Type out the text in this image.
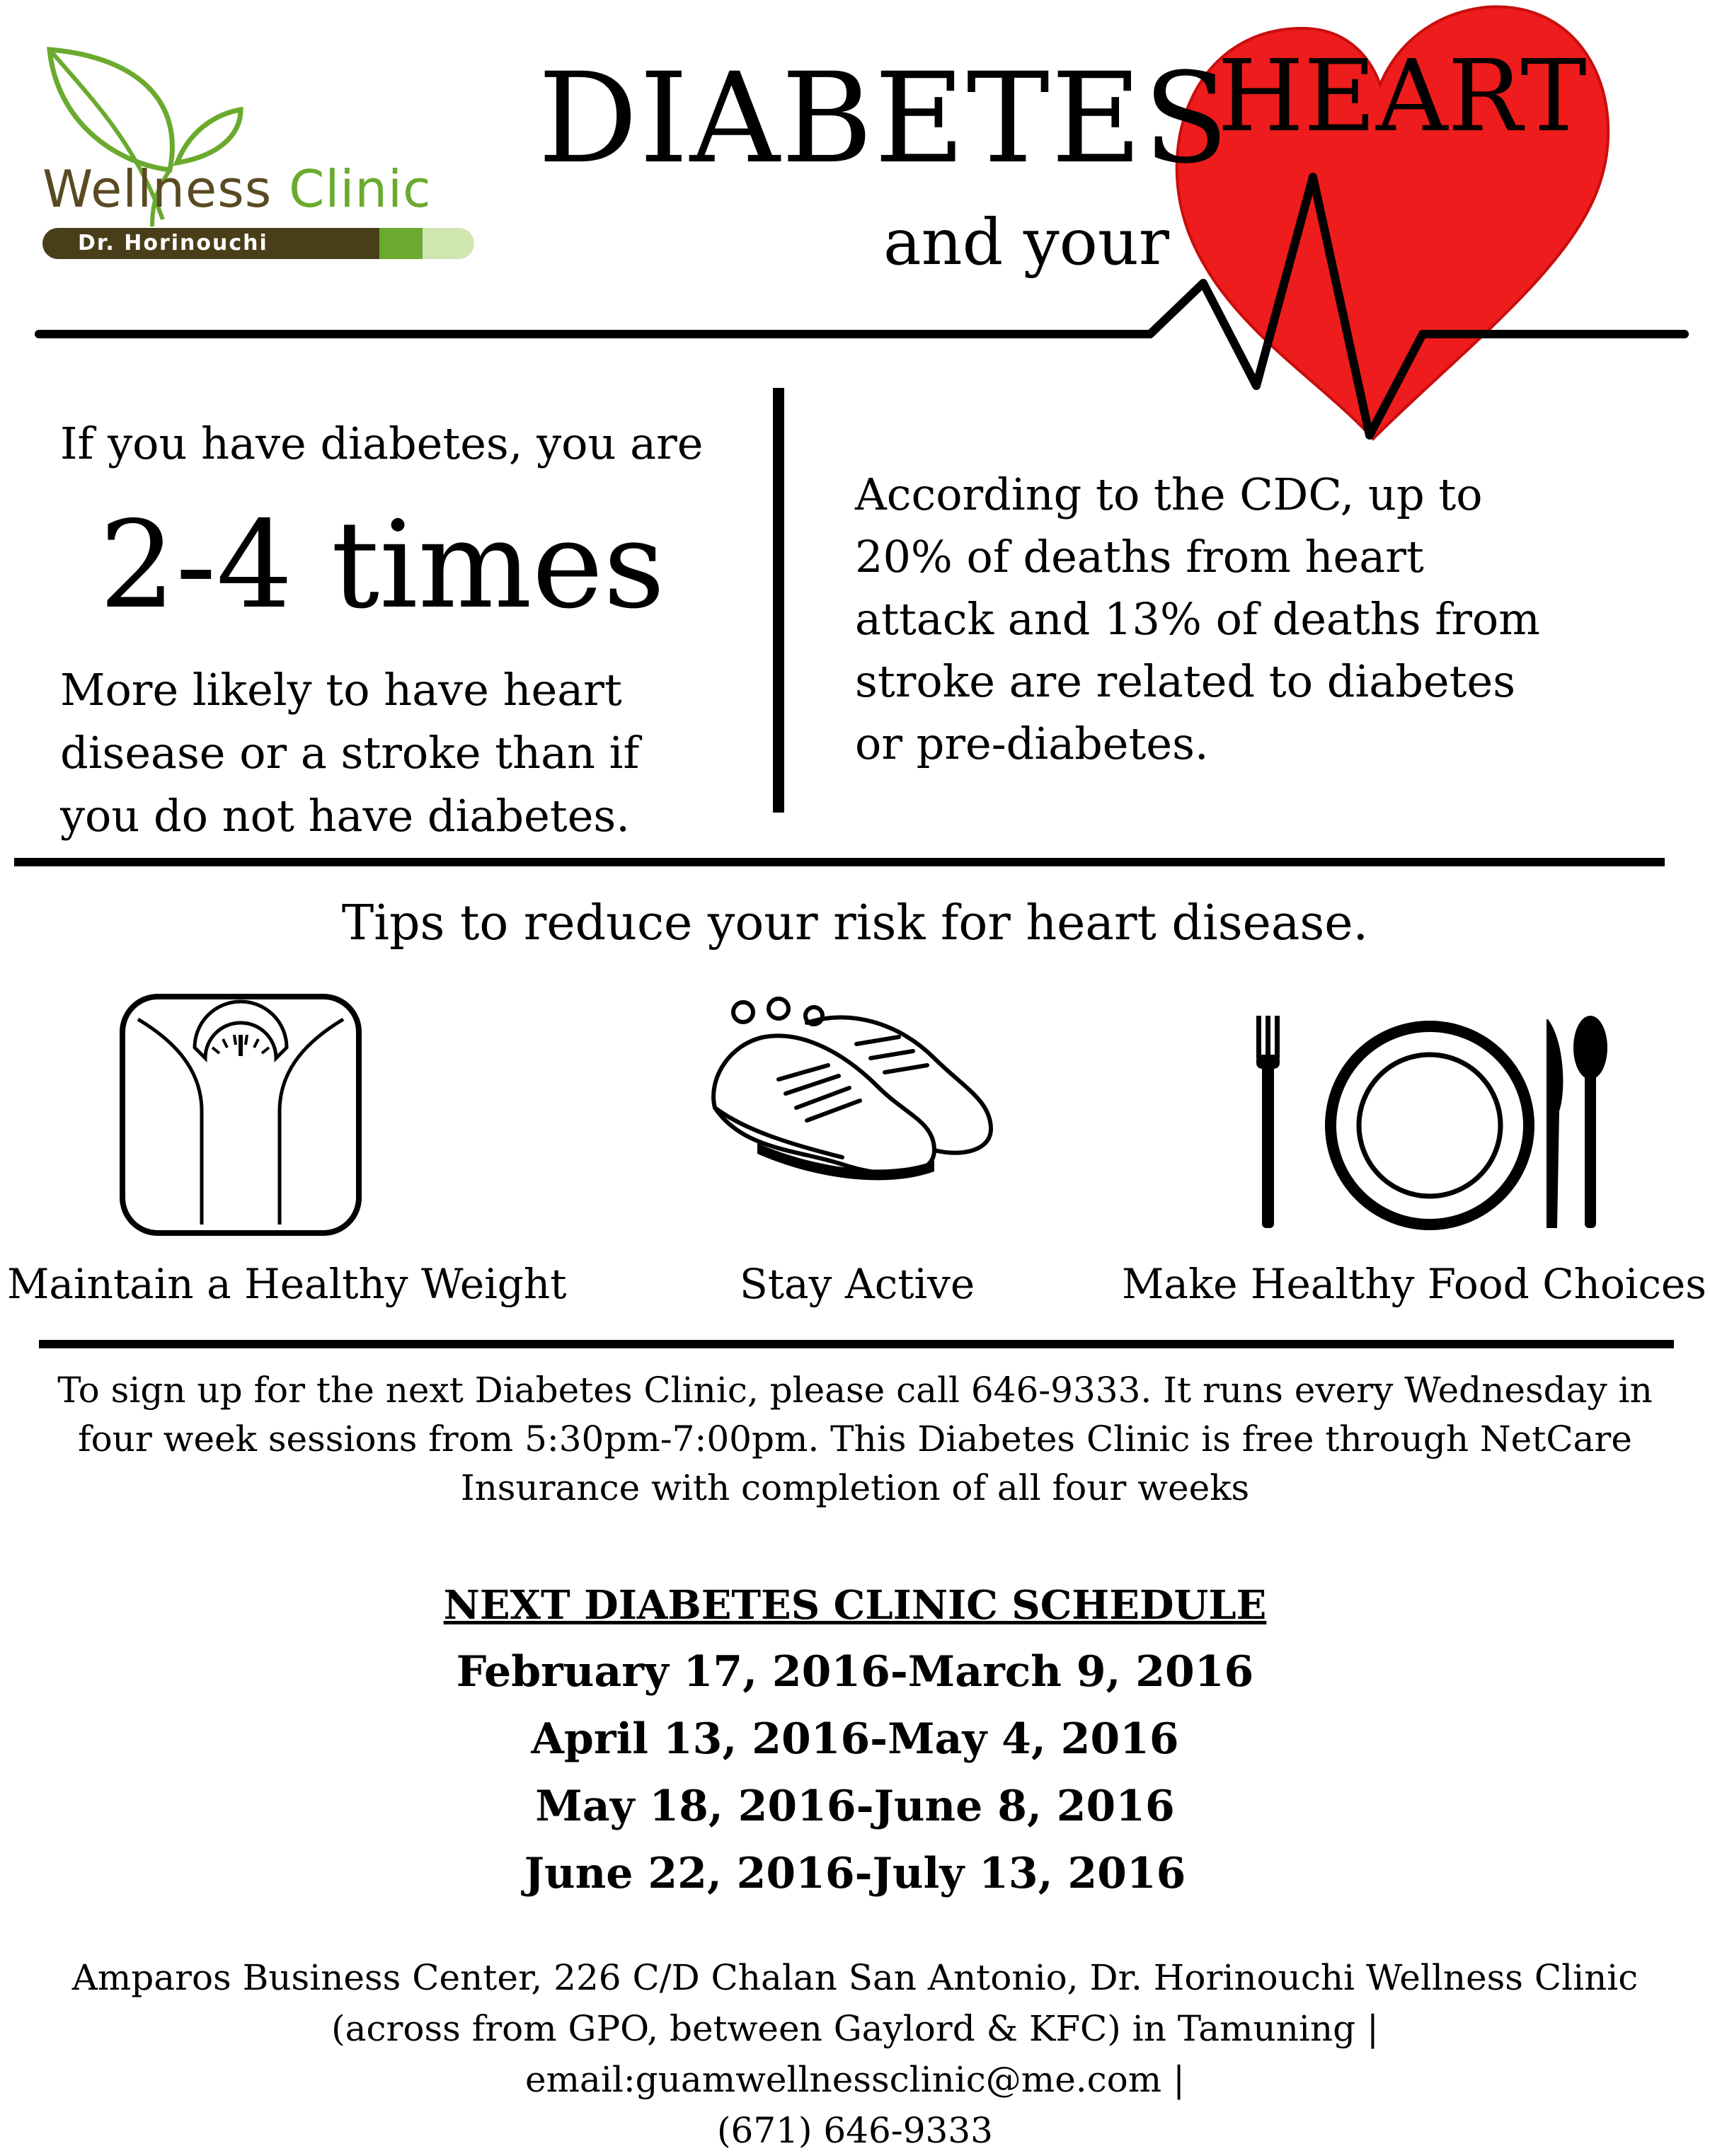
Wellness Clinic
Dr. Horinouchi
HEART
DIABETES
and your
If you have diabetes, you are
2-4 times
More likely to have heart disease or a stroke than if you do not have diabetes.
According to the CDC, up to 20% of deaths from heart attack and 13% of deaths from stroke are related to diabetes or pre-diabetes.
Tips to reduce your risk for heart disease.
Maintain a Healthy Weight	Stay Active	Make Healthy Food Choices
To sign up for the next Diabetes Clinic, please call 646-9333. It runs every Wednesday in four week sessions from 5:30pm-7:00pm. This Diabetes Clinic is free through NetCare Insurance with completion of all four weeks
NEXT DIABETES CLINIC SCHEDULE
February 17, 2016-March 9, 2016
April 13, 2016-May 4, 2016
May 18, 2016-June 8, 2016
June 22, 2016-July 13, 2016
Amparos Business Center, 226 C/D Chalan San Antonio, Dr. Horinouchi Wellness Clinic (across from GPO, between Gaylord & KFC) in Tamuning | email:guamwellnessclinic@me.com |
(671) 646-9333
